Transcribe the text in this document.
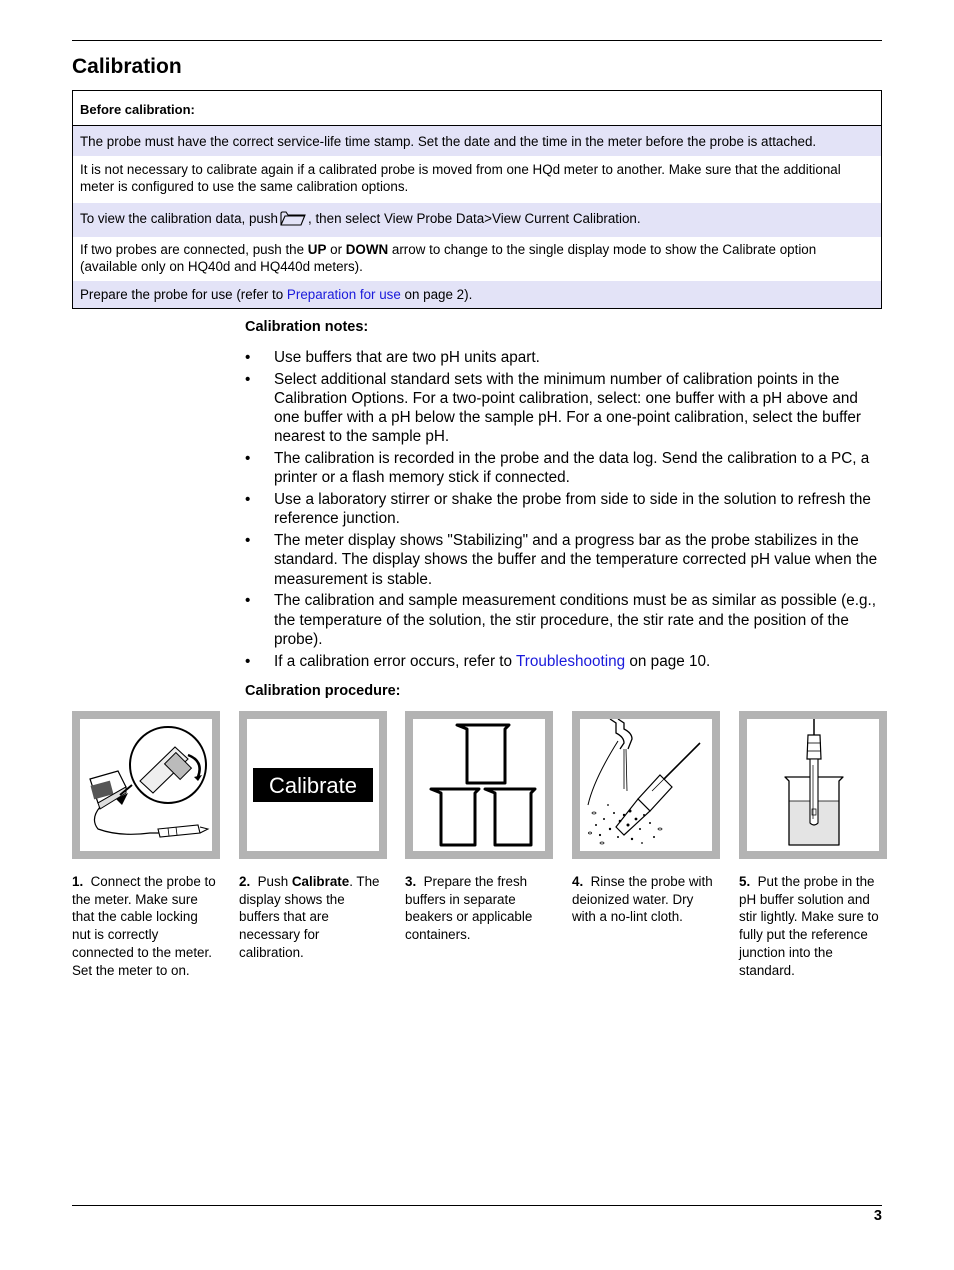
Calibration
Before calibration:
The probe must have the correct service-life time stamp. Set the date and the time in the meter before the probe is attached.
It is not necessary to calibrate again if a calibrated probe is moved from one HQd meter to another. Make sure that the additional meter is configured to use the same calibration options.
To view the calibration data, push , then select View Probe Data>View Current Calibration.
If two probes are connected, push the UP or DOWN arrow to change to the single display mode to show the Calibrate option (available only on HQ40d and HQ440d meters).
Prepare the probe for use (refer to Preparation for use on page 2).
Calibration notes:
• Use buffers that are two pH units apart.
• Select additional standard sets with the minimum number of calibration points in the Calibration Options. For a two-point calibration, select: one buffer with a pH above and one buffer with a pH below the sample pH. For a one-point calibration, select the buffer nearest to the sample pH.
• The calibration is recorded in the probe and the data log. Send the calibration to a PC, a printer or a flash memory stick if connected.
• Use a laboratory stirrer or shake the probe from side to side in the solution to refresh the reference junction.
• The meter display shows "Stabilizing" and a progress bar as the probe stabilizes in the standard. The display shows the buffer and the temperature corrected pH value when the measurement is stable.
• The calibration and sample measurement conditions must be as similar as possible (e.g., the temperature of the solution, the stir procedure, the stir rate and the position of the probe).
• If a calibration error occurs, refer to Troubleshooting on page 10.
Calibration procedure:
Calibrate
1. Connect the probe to the meter. Make sure that the cable locking nut is correctly connected to the meter. Set the meter to on.
2. Push Calibrate. The display shows the buffers that are necessary for calibration.
3. Prepare the fresh buffers in separate beakers or applicable containers.
4. Rinse the probe with deionized water. Dry with a no-lint cloth.
5. Put the probe in the pH buffer solution and stir lightly. Make sure to fully put the reference junction into the standard.
3
